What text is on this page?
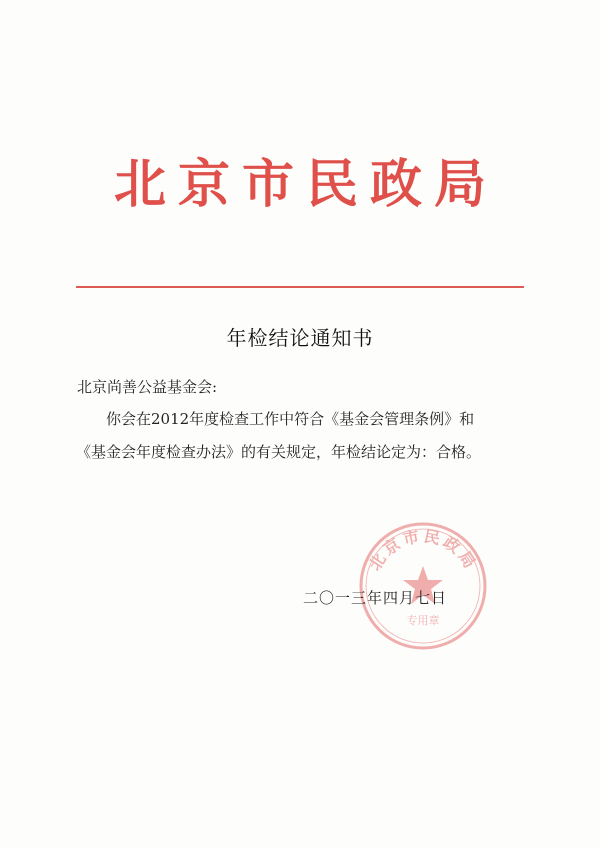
北京市民政局
年检结论通知书
北京尚善公益基金会:
你会在2012年度检查工作中符合《基金会管理条例》和
《基金会年度检查办法》的有关规定，年检结论定为：合格。
北京市民政局
专用章
二〇一三年四月七日
